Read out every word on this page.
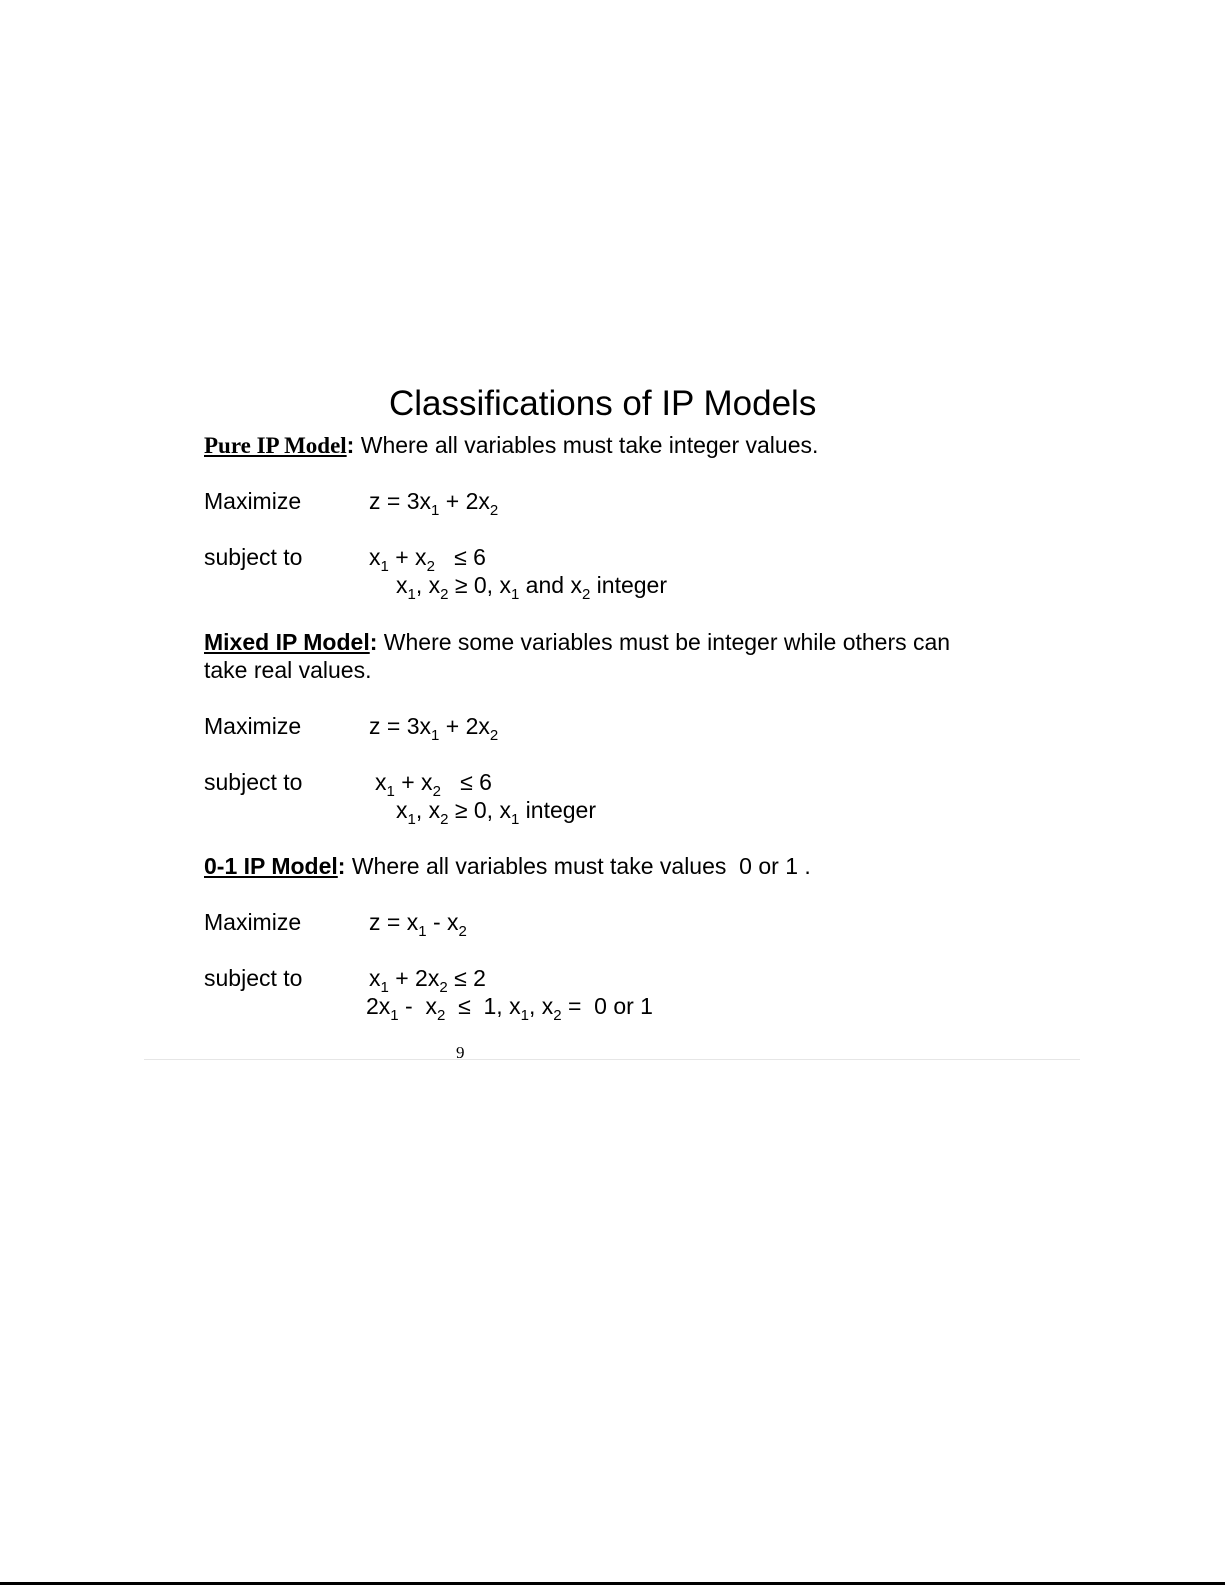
Classifications of IP Models
Pure IP Model: Where all variables must take integer values.
Maximize	$z = 3x_1 + 2x_2$
subject to	$x_1 + x_2 \le 6$
$x_1$, $x_2 \ge 0$, $x_1$ and $x_2$ integer
Mixed IP Model: Where some variables must be integer while others can
take real values.
Maximize	$z = 3x_1 + 2x_2$
subject to	$x_1 + x_2 \le 6$
$x_1$, $x_2 \ge 0$, $x_1$ integer
0-1 IP Model: Where all variables must take values  0 or 1 .
Maximize	$z = x_1 - x_2$
subject to	$x_1 + 2x_2 \le 2$
$2x_1 - x_2 \le 1$, $x_1$, $x_2 = 0$ or 1
9
